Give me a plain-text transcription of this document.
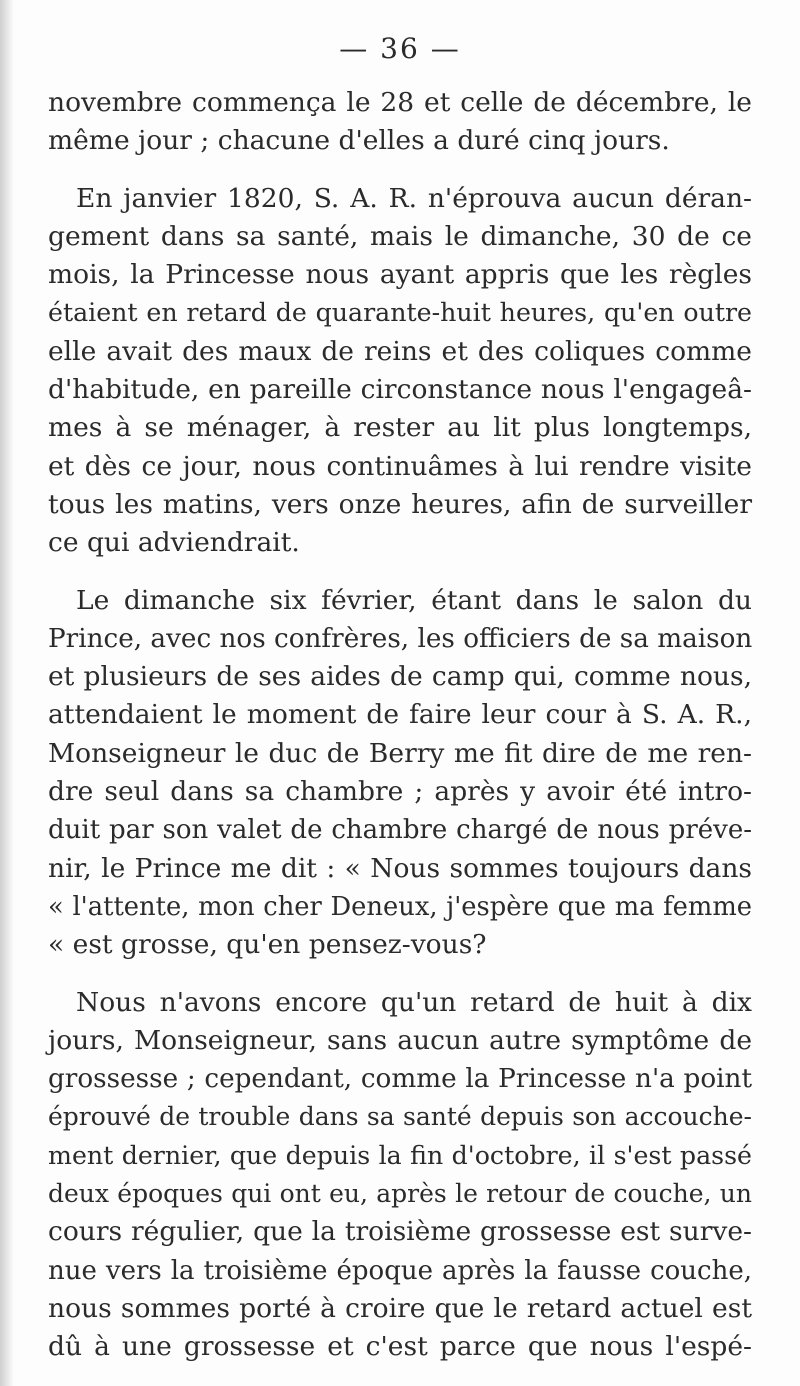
— 36 —

novembre commença le 28 et celle de décembre, le
même jour ; chacune d'elles a duré cinq jours.

En janvier 1820, S. A. R. n'éprouva aucun déran-
gement dans sa santé, mais le dimanche, 30 de ce
mois, la Princesse nous ayant appris que les règles
étaient en retard de quarante-huit heures, qu'en outre
elle avait des maux de reins et des coliques comme
d'habitude, en pareille circonstance nous l'engageâ-
mes à se ménager, à rester au lit plus longtemps,
et dès ce jour, nous continuâmes à lui rendre visite
tous les matins, vers onze heures, afin de surveiller
ce qui adviendrait.

Le dimanche six février, étant dans le salon du
Prince, avec nos confrères, les officiers de sa maison
et plusieurs de ses aides de camp qui, comme nous,
attendaient le moment de faire leur cour à S. A. R.,
Monseigneur le duc de Berry me fit dire de me ren-
dre seul dans sa chambre ; après y avoir été intro-
duit par son valet de chambre chargé de nous préve-
nir, le Prince me dit : « Nous sommes toujours dans
« l'attente, mon cher Deneux, j'espère que ma femme
« est grosse, qu'en pensez-vous?

Nous n'avons encore qu'un retard de huit à dix
jours, Monseigneur, sans aucun autre symptôme de
grossesse ; cependant, comme la Princesse n'a point
éprouvé de trouble dans sa santé depuis son accouche-
ment dernier, que depuis la fin d'octobre, il s'est passé
deux époques qui ont eu, après le retour de couche, un
cours régulier, que la troisième grossesse est surve-
nue vers la troisième époque après la fausse couche,
nous sommes porté à croire que le retard actuel est
dû à une grossesse et c'est parce que nous l'espé-
